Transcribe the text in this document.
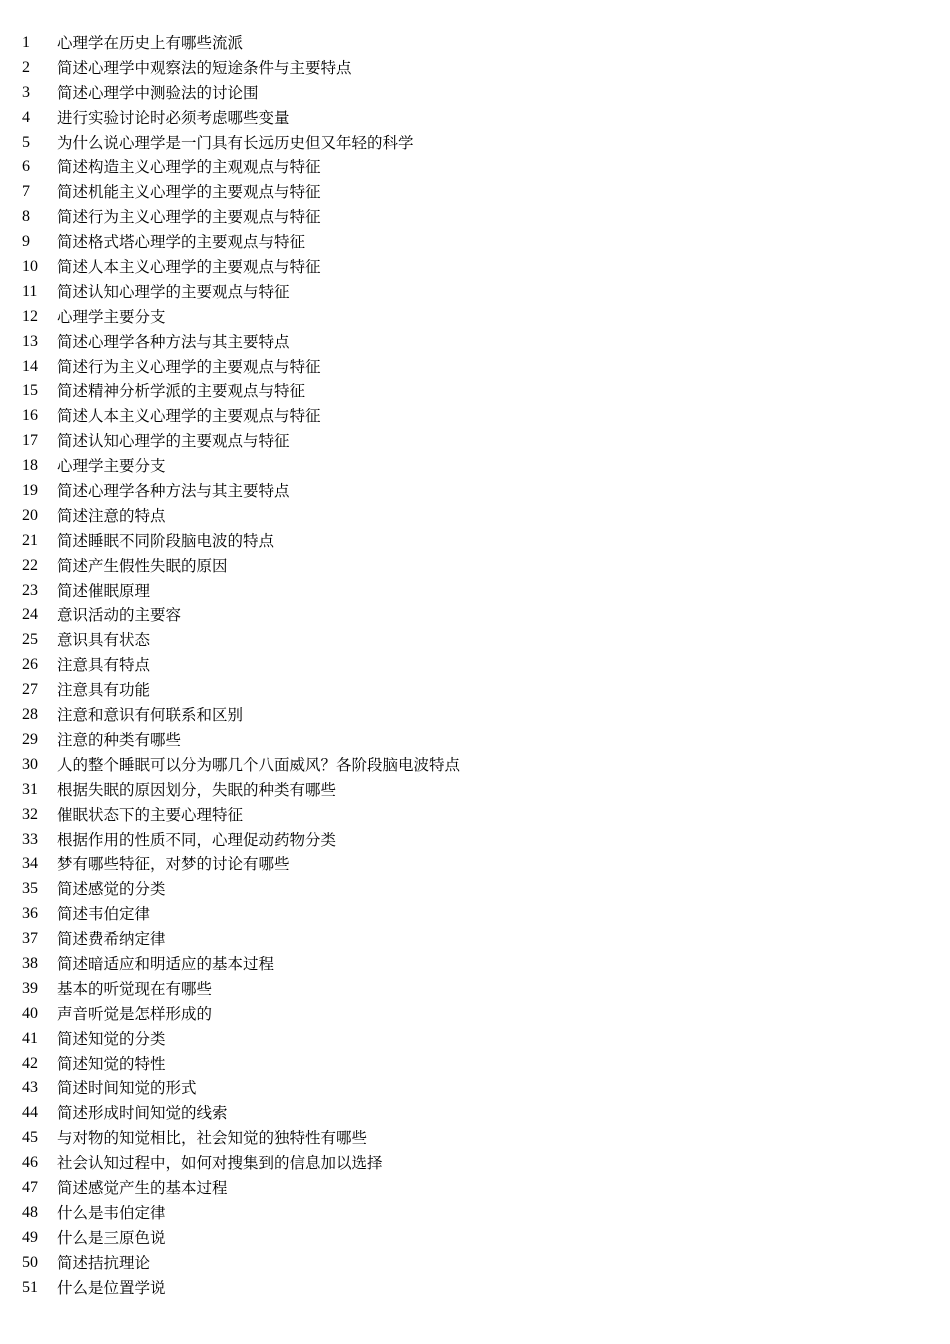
1	心理学在历史上有哪些流派
2	简述心理学中观察法的短途条件与主要特点
3	简述心理学中测验法的讨论围
4	进行实验讨论时必须考虑哪些变量
5	为什么说心理学是一门具有长远历史但又年轻的科学
6	简述构造主义心理学的主观观点与特征
7	简述机能主义心理学的主要观点与特征
8	简述行为主义心理学的主要观点与特征
9	简述格式塔心理学的主要观点与特征
10	简述人本主义心理学的主要观点与特征
11	简述认知心理学的主要观点与特征
12	心理学主要分支
13	简述心理学各种方法与其主要特点
14	简述行为主义心理学的主要观点与特征
15	简述精神分析学派的主要观点与特征
16	简述人本主义心理学的主要观点与特征
17	简述认知心理学的主要观点与特征
18	心理学主要分支
19	简述心理学各种方法与其主要特点
20	简述注意的特点
21	简述睡眠不同阶段脑电波的特点
22	简述产生假性失眠的原因
23	简述催眠原理
24	意识活动的主要容
25	意识具有状态
26	注意具有特点
27	注意具有功能
28	注意和意识有何联系和区别
29	注意的种类有哪些
30	人的整个睡眠可以分为哪几个八面威风？各阶段脑电波特点
31	根据失眠的原因划分，失眠的种类有哪些
32	催眠状态下的主要心理特征
33	根据作用的性质不同，心理促动药物分类
34	梦有哪些特征，对梦的讨论有哪些
35	简述感觉的分类
36	简述韦伯定律
37	简述费希纳定律
38	简述暗适应和明适应的基本过程
39	基本的听觉现在有哪些
40	声音听觉是怎样形成的
41	简述知觉的分类
42	简述知觉的特性
43	简述时间知觉的形式
44	简述形成时间知觉的线索
45	与对物的知觉相比，社会知觉的独特性有哪些
46	社会认知过程中，如何对搜集到的信息加以选择
47	简述感觉产生的基本过程
48	什么是韦伯定律
49	什么是三原色说
50	简述拮抗理论
51	什么是位置学说
